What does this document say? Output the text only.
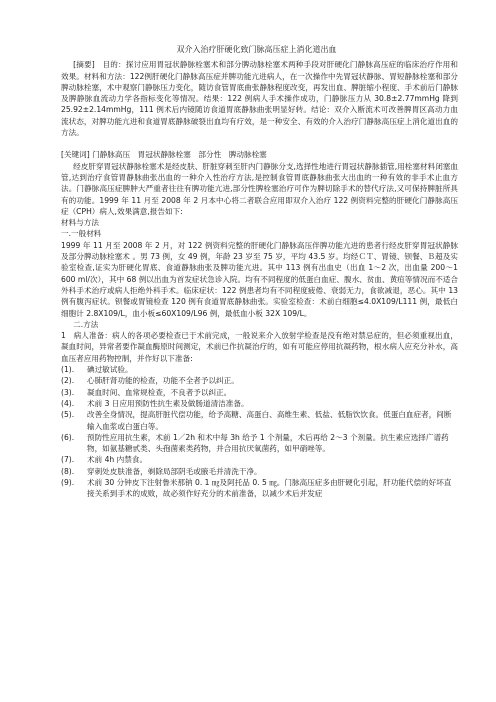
双介入治疗肝硬化致门脉高压症上消化道出血

[摘要]　目的：探讨应用胃冠状静脉栓塞术和部分脾动脉栓塞术两种手段对肝硬化门静脉高压症的临床治疗作用和效果。材料和方法：122例肝硬化门静脉高压症并脾功能亢进病人，在一次操作中先胃冠状静脉、胃短静脉栓塞和部分脾动脉栓塞，术中观察门静脉压力变化，随访食管胃底曲张静脉程度改变，再发出血、脾脏缩小程度、手术前后门静脉及脾静脉血流动力学各指标变化等情况。结果：122 例病人手术操作成功，门静脉压力从 30.8±2.77mmHg 降到 25.92±2.14mmHg，111 例术后内镜随访食道胃底静脉曲张明显好转。结论：双介入断流术可改善脾胃区高动力血流状态，对脾功能亢进和食道胃底静脉破裂出血均有疗效，是一种安全、有效的介入治疗门静脉高压症上消化道出血的方法。

[关键词] 门静脉高压　胃冠状静脉栓塞　部分性　脾动脉栓塞

经皮肝穿胃冠状静脉栓塞术是经皮肤、肝脏穿刺至肝内门静脉分支,选择性地进行胃冠状静脉插管,用栓塞材料闭塞血管,达到治疗食管胃静脉曲张出血的一种介入性治疗方法,是控制食管胃底静脉曲张大出血的一种有效的非手术止血方法。门静脉高压症脾肿大严重者往往有脾功能亢进,部分性脾栓塞治疗可作为脾切除手术的替代疗法,又可保持脾脏所具有的功能。1999 年 11 月至 2008 年 2 月本中心将二者联合应用即双介入治疗 122 例资料完整的肝硬化门静脉高压症（CPH）病人,效果满意,报告如下:

材料与方法

一.一般材料

1999 年 11 月至 2008 年 2 月，对 122 例资料完整的肝硬化门静脉高压伴脾功能亢进的患者行经皮肝穿胃冠状静脉及部分脾动脉栓塞术 。男 73 例，女 49 例，年龄 23 岁至 75 岁，平均 43.5 岁。均经ＣＴ、胃镜、钡餐、Ｂ超及实验室检查,证实为肝硬化胃底、食道静脉曲张及脾功能亢进。其中 113 例有出血史（出血 1～2 次，出血量 200～1 600 ml/次），其中 68 例以出血为首发症状急诊入院。均有不同程度的低蛋白血症、腹水、贫血、黄疸等情况而不适合外科手术治疗或病人拒绝外科手术。临床症状：122 例患者均有不同程度疲倦、衰弱无力，食欲减退，恶心。其中 13 例有腹泻症状。钡餐或胃镜检查 120 例有食道胃底静脉曲张。实验室检查：术前白细胞≤4.0X109/L111 例，最低白细胞计 2.8X109/L，血小板≤60X109/L96 例，最低血小板 32X 109/L。

二.方法

1　病人准备：病人的各项必要检查已于术前完成，一般说来介入放射学检查是没有绝对禁忌症的，但必须重视出血，凝血时间，异常者要作凝血酶原时间测定，术前已作抗凝治疗的，如有可能应停用抗凝药物，根水病人应充分补水，高血压者应用药物控制，并作好以下准备:

(1).	碘过敏试验。
(2).	心肺肝肾功能的检查，功能不全者予以纠正。
(3).	凝血时间、血常规检查，不良者予以纠正。
(4).	术前 3 日应用预防性抗生素及做肠道清洁准备。
(5).	改善全身情况，提高肝脏代偿功能，给予高糖、高蛋白、高维生素、低盐、低脂饮饮食。低蛋白血症者，间断输入血浆或白蛋白等。
(6).	预防性应用抗生素，术前 1／2h 和术中每 3h 给予 1 个剂量，术后再给 2～3 个剂量。抗生素应选择广谱药物，如氨基糖甙类、头孢菌素类药物，并合用抗厌氧菌药，如甲硝唑等。
(7).	术前 4h 内禁食。
(8).	穿刺处皮肤准备，剃除局部阴毛或腋毛并清洗干净。
(9).	术前 30 分钟皮下注射鲁米那钠 0. 1 ㎎及阿托品 0. 5 ㎎。门脉高压症多由肝硬化引起，肝功能代偿的好坏直接关系到手术的成败，故必须作好充分的术前准备，以减少术后并发症
